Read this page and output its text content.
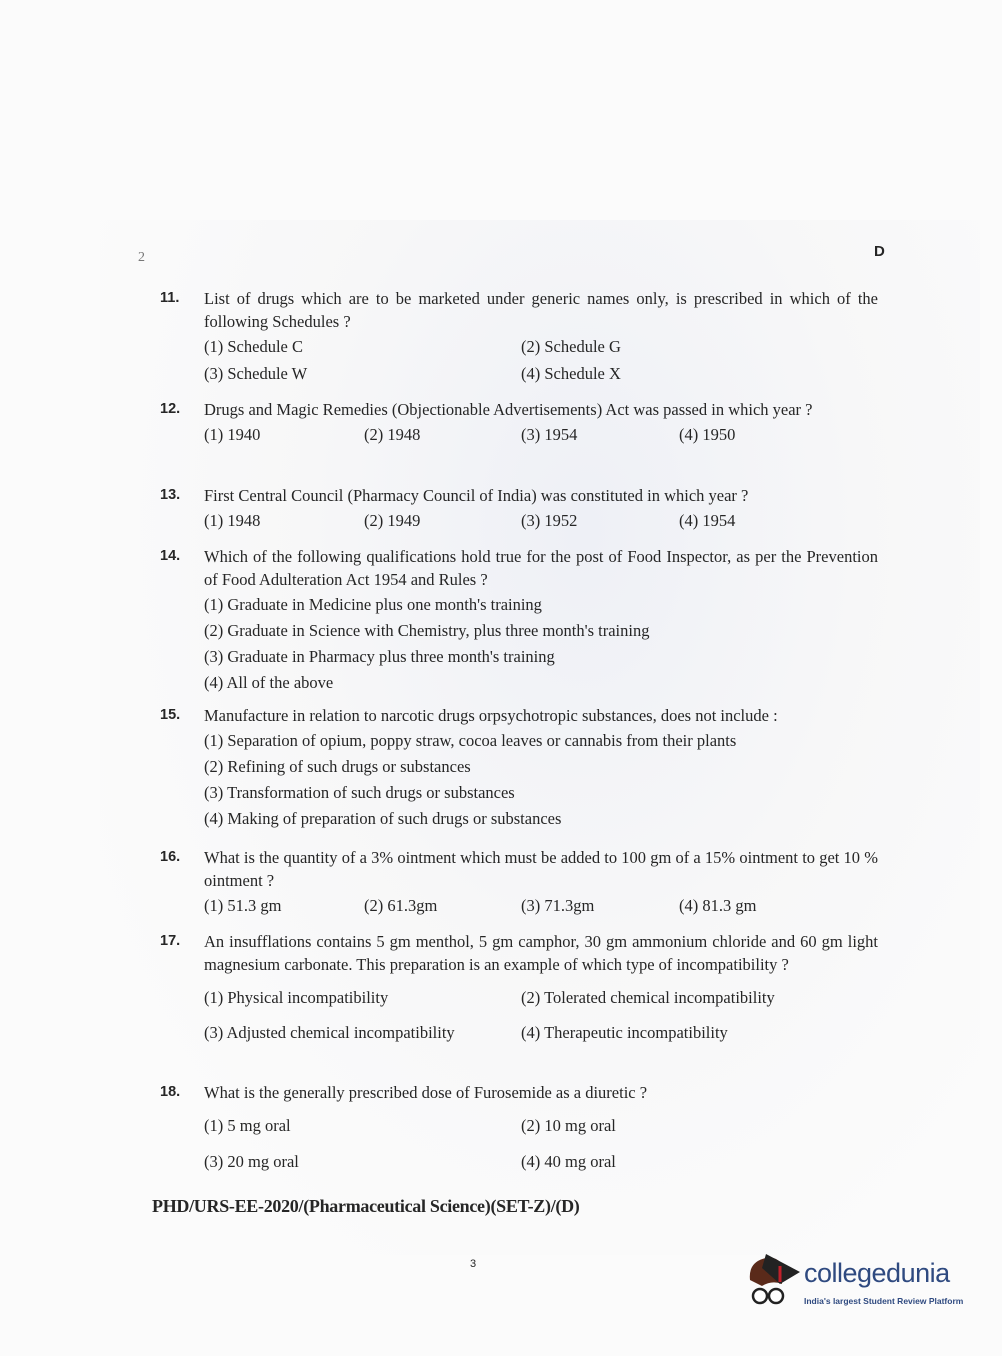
2	D
11. List of drugs which are to be marketed under generic names only, is prescribed in which of the following Schedules ?
(1) Schedule C	(2) Schedule G
(3) Schedule W	(4) Schedule X
12. Drugs and Magic Remedies (Objectionable Advertisements) Act was passed in which year ?
(1) 1940	(2) 1948	(3) 1954	(4) 1950
13. First Central Council (Pharmacy Council of India) was constituted in which year ?
(1) 1948	(2) 1949	(3) 1952	(4) 1954
14. Which of the following qualifications hold true for the post of Food Inspector, as per the Prevention of Food Adulteration Act 1954 and Rules ?
(1) Graduate in Medicine plus one month's training
(2) Graduate in Science with Chemistry, plus three month's training
(3) Graduate in Pharmacy plus three month's training
(4) All of the above
15. Manufacture in relation to narcotic drugs orpsychotropic substances, does not include :
(1) Separation of opium, poppy straw, cocoa leaves or cannabis from their plants
(2) Refining of such drugs or substances
(3) Transformation of such drugs or substances
(4) Making of preparation of such drugs or substances
16. What is the quantity of a 3% ointment which must be added to 100 gm of a 15% ointment to get 10 % ointment ?
(1) 51.3 gm	(2) 61.3gm	(3) 71.3gm	(4) 81.3 gm
17. An insufflations contains 5 gm menthol, 5 gm camphor, 30 gm ammonium chloride and 60 gm light magnesium carbonate. This preparation is an example of which type of incompatibility ?
(1) Physical incompatibility	(2) Tolerated chemical incompatibility
(3) Adjusted chemical incompatibility	(4) Therapeutic incompatibility
18. What is the generally prescribed dose of Furosemide as a diuretic ?
(1) 5 mg oral	(2) 10 mg oral
(3) 20 mg oral	(4) 40 mg oral
PHD/URS-EE-2020/(Pharmaceutical Science)(SET-Z)/(D)
3	collegedunia
India's largest Student Review Platform
